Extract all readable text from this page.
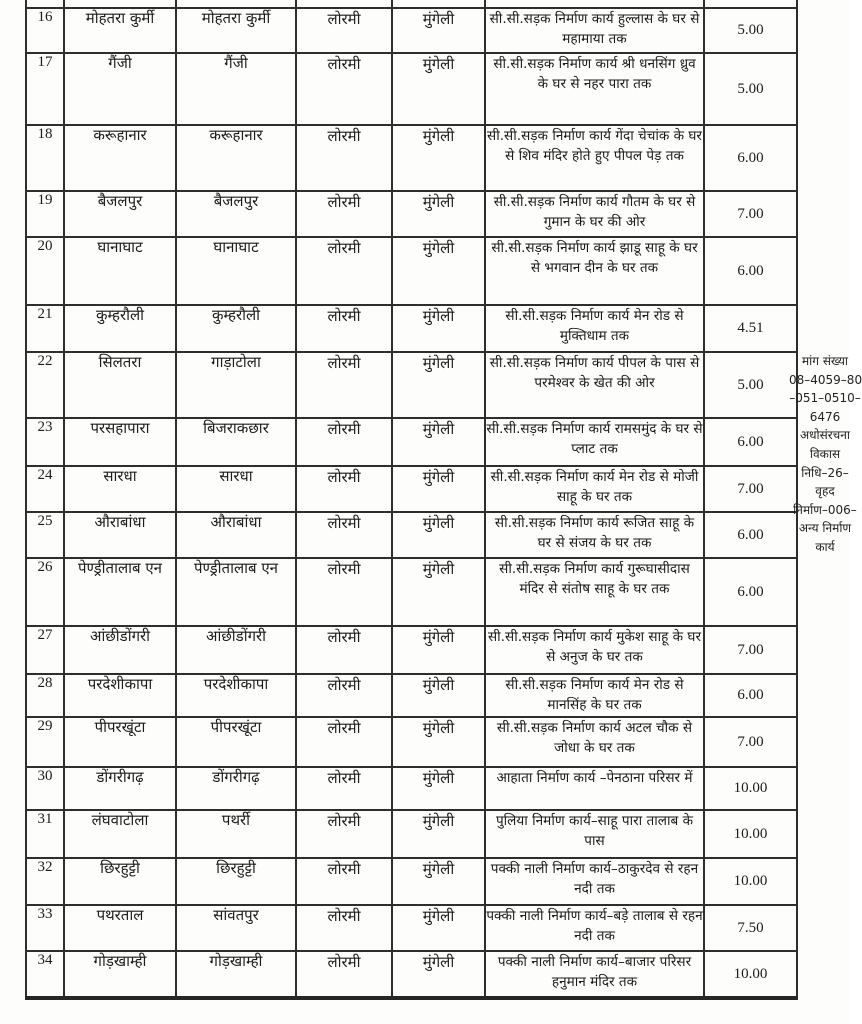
16	मोहतरा कुर्मी	मोहतरा कुर्मी	लोरमी	मुंगेली	सी.सी.सड़क निर्माण कार्य हुल्लास के घर से महामाया तक	5.00
17	गैंजी	गैंजी	लोरमी	मुंगेली	सी.सी.सड़क निर्माण कार्य श्री धनसिंग ध्रुव के घर से नहर पारा तक	5.00
18	करूहानार	करूहानार	लोरमी	मुंगेली	सी.सी.सड़क निर्माण कार्य गेंदा चेचांक के घर से शिव मंदिर होते हुए पीपल पेड़ तक	6.00
19	बैजलपुर	बैजलपुर	लोरमी	मुंगेली	सी.सी.सड़क निर्माण कार्य गौतम के घर से गुमान के घर की ओर	7.00
20	घानाघाट	घानाघाट	लोरमी	मुंगेली	सी.सी.सड़क निर्माण कार्य झाडू साहू के घर से भगवान दीन के घर तक	6.00
21	कुम्हरौली	कुम्हरौली	लोरमी	मुंगेली	सी.सी.सड़क निर्माण कार्य मेन रोड से मुक्तिधाम तक	4.51
22	सिलतरा	गाड़ाटोला	लोरमी	मुंगेली	सी.सी.सड़क निर्माण कार्य पीपल के पास से परमेश्वर के खेत की ओर	5.00
23	परसहापारा	बिजराकछार	लोरमी	मुंगेली	सी.सी.सड़क निर्माण कार्य रामसमुंद के घर से प्लाट तक	6.00
24	सारधा	सारधा	लोरमी	मुंगेली	सी.सी.सड़क निर्माण कार्य मेन रोड से मोजी साहू के घर तक	7.00
25	औराबांधा	औराबांधा	लोरमी	मुंगेली	सी.सी.सड़क निर्माण कार्य रूजित साहू के घर से संजय के घर तक	6.00
26	पेण्ड्रीतालाब एन	पेण्ड्रीतालाब एन	लोरमी	मुंगेली	सी.सी.सड़क निर्माण कार्य गुरूघासीदास मंदिर से संतोष साहू के घर तक	6.00
27	आंछीडोंगरी	आंछीडोंगरी	लोरमी	मुंगेली	सी.सी.सड़क निर्माण कार्य मुकेश साहू के घर से अनुज के घर तक	7.00
28	परदेशीकापा	परदेशीकापा	लोरमी	मुंगेली	सी.सी.सड़क निर्माण कार्य मेन रोड से मानसिंह के घर तक	6.00
29	पीपरखूंटा	पीपरखूंटा	लोरमी	मुंगेली	सी.सी.सड़क निर्माण कार्य अटल चौक से जोधा के घर तक	7.00
30	डोंगरीगढ़	डोंगरीगढ़	लोरमी	मुंगेली	आहाता निर्माण कार्य –पेनठाना परिसर में	10.00
31	लंघवाटोला	पथर्री	लोरमी	मुंगेली	पुलिया निर्माण कार्य–साहू पारा तालाब के पास	10.00
32	छिरहुट्टी	छिरहुट्टी	लोरमी	मुंगेली	पक्की नाली निर्माण कार्य–ठाकुरदेव से रहन नदी तक	10.00
33	पथरताल	सांवतपुर	लोरमी	मुंगेली	पक्की नाली निर्माण कार्य–बड़े तालाब से रहन नदी तक	7.50
34	गोड़खाम्ही	गोड़खाम्ही	लोरमी	मुंगेली	पक्की नाली निर्माण कार्य–बाजार परिसर हनुमान मंदिर तक	10.00
मांग संख्या
08–4059–80
–051–0510–
6476
अधोसंरचना
विकास
निधि–26–
वृहद
निर्माण–006–
अन्य निर्माण
कार्य
